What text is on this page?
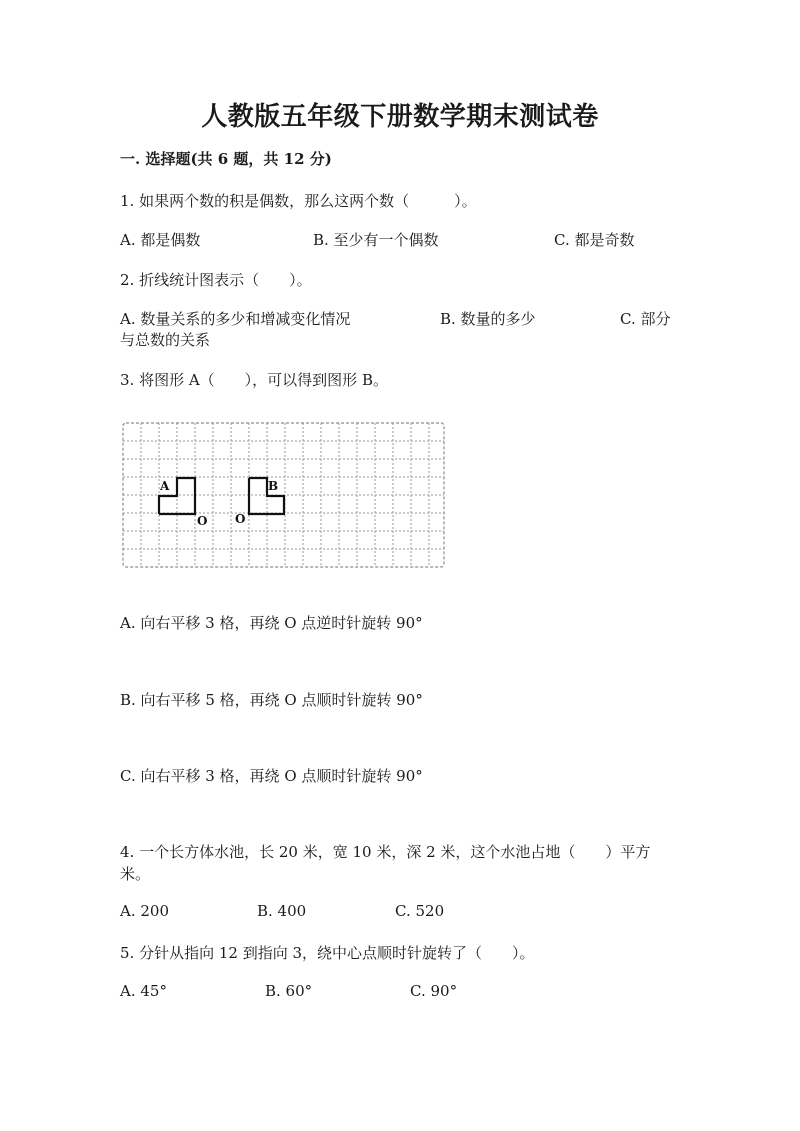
人教版五年级下册数学期末测试卷
一. 选择题(共 6 题，共 12 分)
1. 如果两个数的积是偶数，那么这两个数（　　　）。
A. 都是偶数	B. 至少有一个偶数	C. 都是奇数
2. 折线统计图表示（　　）。
A. 数量关系的多少和增减变化情况	B. 数量的多少	C. 部分
与总数的关系
3. 将图形 A（　　），可以得到图形 B。
A	B
O O
A. 向右平移 3 格，再绕 O 点逆时针旋转 90°
B. 向右平移 5 格，再绕 O 点顺时针旋转 90°
C. 向右平移 3 格，再绕 O 点顺时针旋转 90°
4. 一个长方体水池，长 20 米，宽 10 米，深 2 米，这个水池占地（　　）平方米。
A. 200	B. 400	C. 520
5. 分针从指向 12 到指向 3，绕中心点顺时针旋转了（　　）。
A. 45°	B. 60°	C. 90°
